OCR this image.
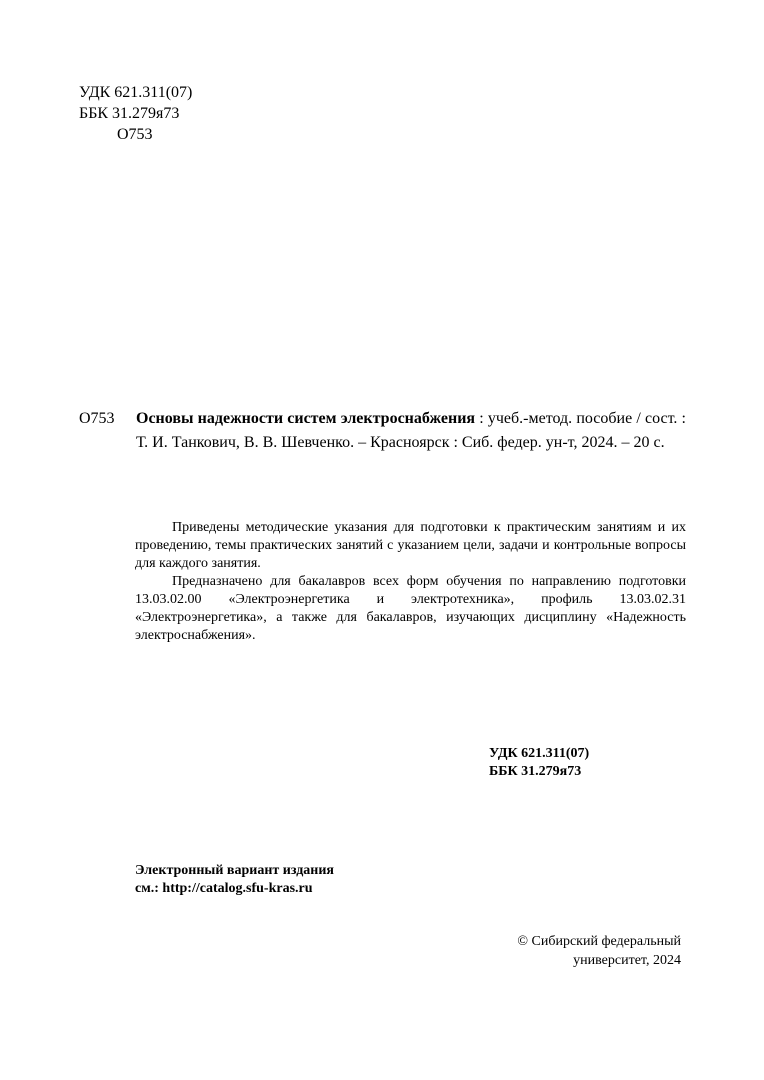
УДК 621.311(07)
ББК 31.279я73
О753
О753 Основы надежности систем электроснабжения : учеб.-метод. пособие / сост. : Т. И. Танкович, В. В. Шевченко. – Красноярск : Сиб. федер. ун-т, 2024. – 20 с.

Приведены методические указания для подготовки к практическим занятиям и их проведению, темы практических занятий с указанием цели, задачи и контрольные вопросы для каждого занятия.

Предназначено для бакалавров всех форм обучения по направлению подготовки 13.03.02.00 «Электроэнергетика и электротехника», профиль 13.03.02.31 «Электроэнергетика», а также для бакалавров, изучающих дисциплину «Надежность электроснабжения».

УДК 621.311(07)
ББК 31.279я73
Электронный вариант издания
см.: http://catalog.sfu-kras.ru
© Сибирский федеральный
университет, 2024
